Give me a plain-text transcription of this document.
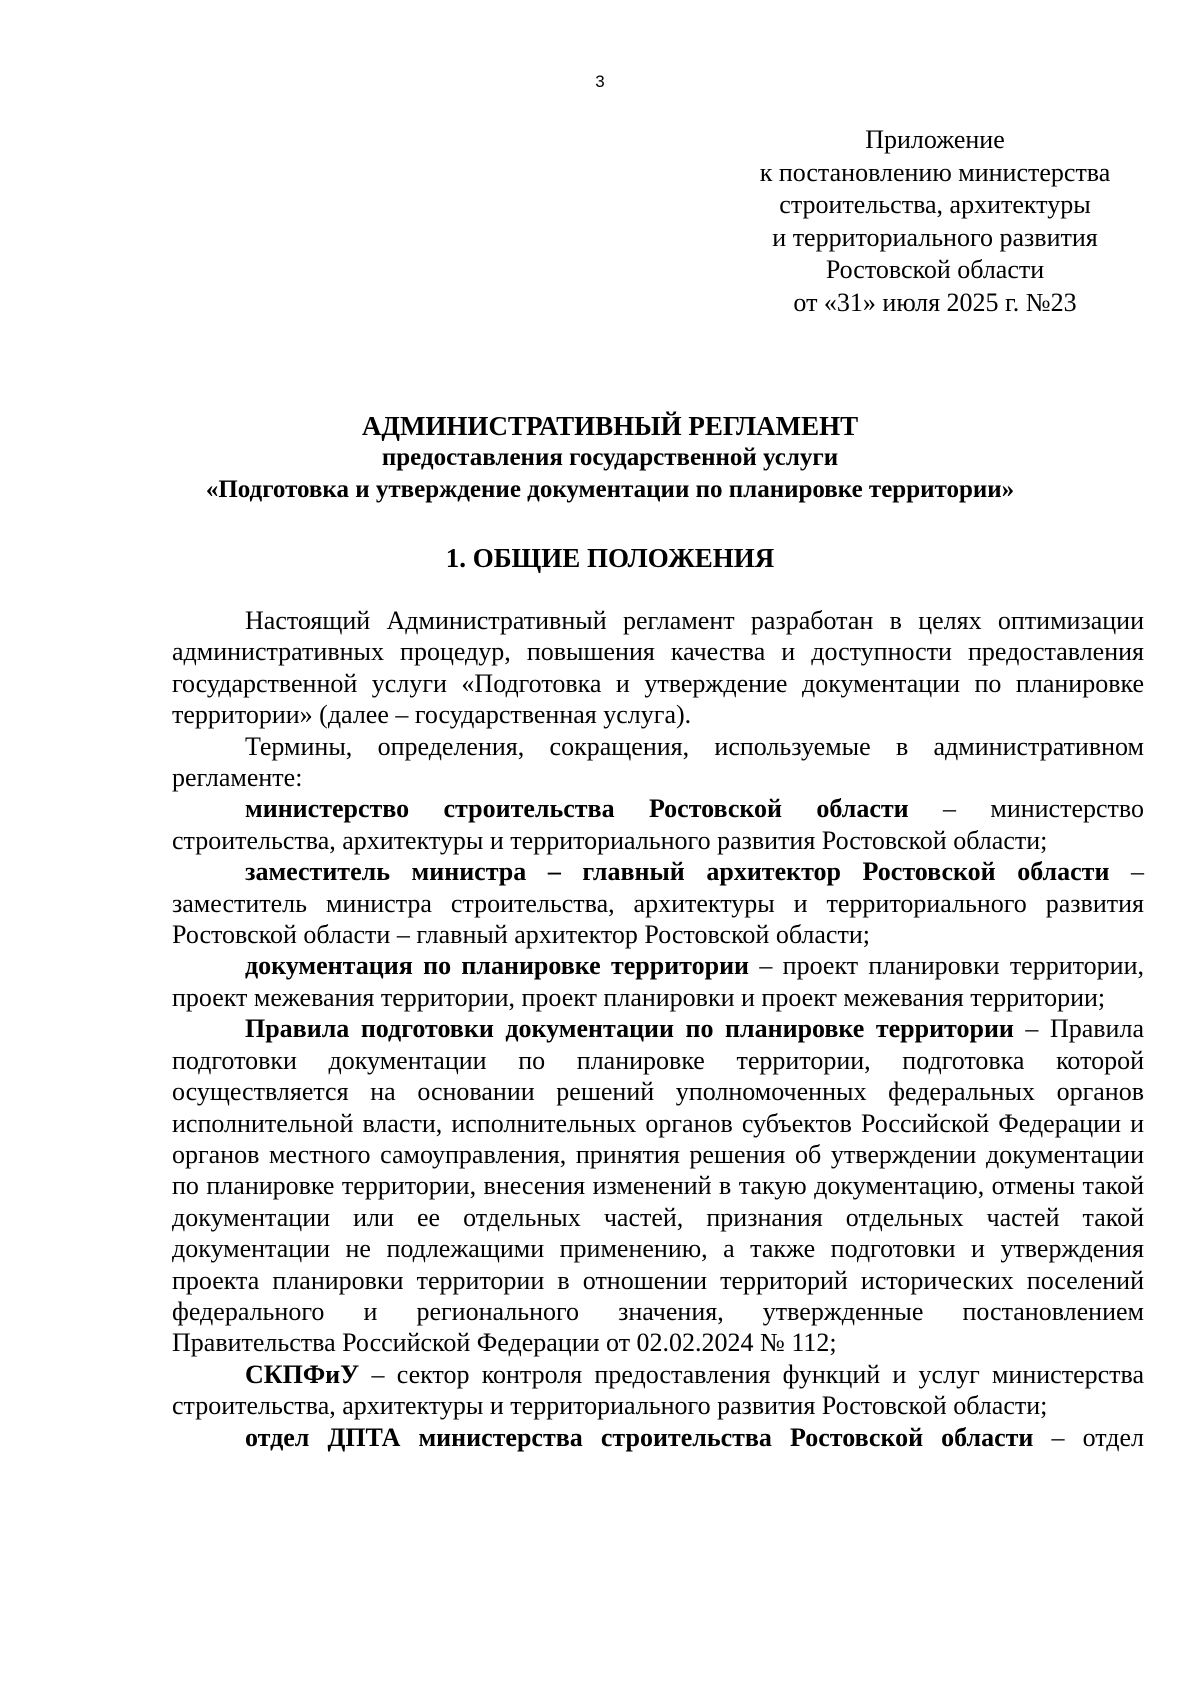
3
Приложение
к постановлению министерства
строительства, архитектуры
и территориального развития
Ростовской области
от «31» июля 2025 г. №23
АДМИНИСТРАТИВНЫЙ РЕГЛАМЕНТ
предоставления государственной услуги
«Подготовка и утверждение документации по планировке территории»
1. ОБЩИЕ ПОЛОЖЕНИЯ

Настоящий Административный регламент разработан в целях оптимизации административных процедур, повышения качества и доступности предоставления государственной услуги «Подготовка и утверждение документации по планировке территории» (далее – государственная услуга).

Термины, определения, сокращения, используемые в административном регламенте:

министерство строительства Ростовской области – министерство строительства, архитектуры и территориального развития Ростовской области;

заместитель министра – главный архитектор Ростовской области – заместитель министра строительства, архитектуры и территориального развития Ростовской области – главный архитектор Ростовской области;

документация по планировке территории – проект планировки территории, проект межевания территории, проект планировки и проект межевания территории;

Правила подготовки документации по планировке территории – Правила подготовки документации по планировке территории, подготовка которой осуществляется на основании решений уполномоченных федеральных органов исполнительной власти, исполнительных органов субъектов Российской Федерации и органов местного самоуправления, принятия решения об утверждении документации по планировке территории, внесения изменений в такую документацию, отмены такой документации или ее отдельных частей, признания отдельных частей такой документации не подлежащими применению, а также подготовки и утверждения проекта планировки территории в отношении территорий исторических поселений федерального и регионального значения, утвержденные постановлением Правительства Российской Федерации от 02.02.2024 № 112;

СКПФиУ – сектор контроля предоставления функций и услуг министерства строительства, архитектуры и территориального развития Ростовской области;

отдел ДПТА министерства строительства Ростовской области – отдел
